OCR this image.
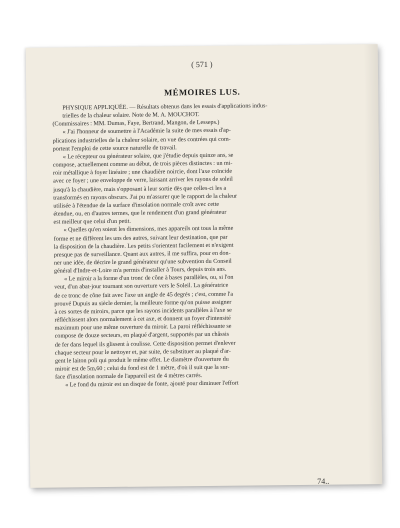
( 571 )
MÉMOIRES LUS.
PHYSIQUE APPLIQUÉE. — Résultats obtenus dans les essais d'applications indus-
trielles de la chaleur solaire. Note de M. A. MOUCHOT.
(Commissaires : MM. Dumas, Faye, Bertrand, Mangon, de Lesseps.)
« J'ai l'honneur de soumettre à l'Académie la suite de mes essais d'ap-
plications industrielles de la chaleur solaire, en vue des contrées qui com-
portent l'emploi de cette source naturelle de travail.
« Le récepteur ou générateur solaire, que j'étudie depuis quinze ans, se
compose, actuellement comme au début, de trois pièces distinctes : un mi-
roir métallique à foyer linéaire ; une chaudière noircie, dont l'axe coïncide
avec ce foyer ; une enveloppe de verre, laissant arriver les rayons de soleil
jusqu'à la chaudière, mais s'opposant à leur sortie dès que celles-ci les a
transformés en rayons obscurs. J'ai pu m'assurer que le rapport de la chaleur
utilisée à l'étendue de la surface d'insolation normale croît avec cette
étendue, ou, en d'autres termes, que le rendement d'un grand générateur
est meilleur que celui d'un petit.
« Quelles qu'en soient les dimensions, mes appareils ont tous la même
forme et ne diffèrent les uns des autres, suivant leur destination, que par
la disposition de la chaudière. Les petits s'orientent facilement et n'exigent
presque pas de surveillance. Quant aux autres, il me suffira, pour en don-
ner une idée, de décrire le grand générateur qu'une subvention du Conseil
général d'Indre-et-Loire m'a permis d'installer à Tours, depuis trois ans.
« Le miroir a la forme d'un tronc de cône à bases parallèles, ou, si l'on
veut, d'un abat-jour tournant son ouverture vers le Soleil. La génératrice
de ce tronc de cône fait avec l'axe un angle de 45 degrés ; c'est, comme l'a
prouvé Dupuis au siècle dernier, la meilleure forme qu'on puisse assigner
à ces sortes de miroirs, parce que les rayons incidents parallèles à l'axe se
réfléchissent alors normalement à cet axe, et donnent un foyer d'intensité
maximum pour une même ouverture du miroir. La paroi réfléchissante se
compose de douze secteurs, en plaqué d'argent, supportés par un châssis
de fer dans lequel ils glissent à coulisse. Cette disposition permet d'enlever
chaque secteur pour le nettoyer et, par suite, de substituer au plaqué d'ar-
gent le laiton poli qui produit le même effet. Le diamètre d'ouverture du
miroir est de 5m,60 ; celui du fond est de 1 mètre, d'où il suit que la sur-
face d'insolation normale de l'appareil est de 4 mètres carrés.
« Le fond du miroir est un disque de fonte, ajouté pour diminuer l'effort
74..
